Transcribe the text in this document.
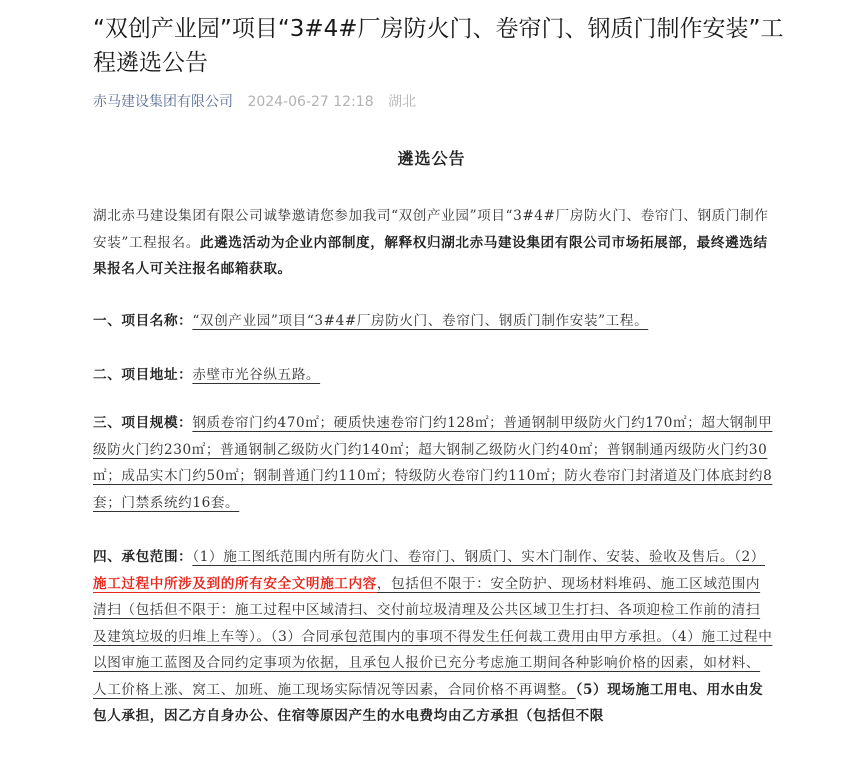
“双创产业园”项目“3#4#厂房防火门、卷帘门、钢质门制作安装”工程遴选公告
赤马建设集团有限公司 2024-06-27 12:18 湖北
遴选公告

湖北赤马建设集团有限公司诚挚邀请您参加我司“双创产业园”项目“3#4#厂房防火门、卷帘门、钢质门制作安装”工程报名。此遴选活动为企业内部制度，解释权归湖北赤马建设集团有限公司市场拓展部，最终遴选结果报名人可关注报名邮箱获取。

一、项目名称：“双创产业园”项目“3#4#厂房防火门、卷帘门、钢质门制作安装”工程。

二、项目地址：赤壁市光谷纵五路。

三、项目规模：钢质卷帘门约470㎡；硬质快速卷帘门约128㎡；普通钢制甲级防火门约170㎡；超大钢制甲级防火门约230㎡；普通钢制乙级防火门约140㎡；超大钢制乙级防火门约40㎡；普钢制通丙级防火门约30㎡；成品实木门约50㎡；钢制普通门约110㎡；特级防火卷帘门约110㎡；防火卷帘门封渚道及门体底封约8套；门禁系统约16套。

四、承包范围：（1）施工图纸范围内所有防火门、卷帘门、钢质门、实木门制作、安装、验收及售后。（2）施工过程中所涉及到的所有安全文明施工内容，包括但不限于：安全防护、现场材料堆码、施工区域范围内清扫（包括但不限于：施工过程中区域清扫、交付前垃圾清理及公共区域卫生打扫、各项迎检工作前的清扫及建筑垃圾的归堆上车等）。（3）合同承包范围内的事项不得发生任何裁工费用由甲方承担。（4）施工过程中以图审施工蓝图及合同约定事项为依据，且承包人报价已充分考虑施工期间各种影响价格的因素，如材料、人工价格上涨、窝工、加班、施工现场实际情况等因素，合同价格不再调整。（5）现场施工用电、用水由发包人承担，因乙方自身办公、住宿等原因产生的水电费均由乙方承担（包括但不限
